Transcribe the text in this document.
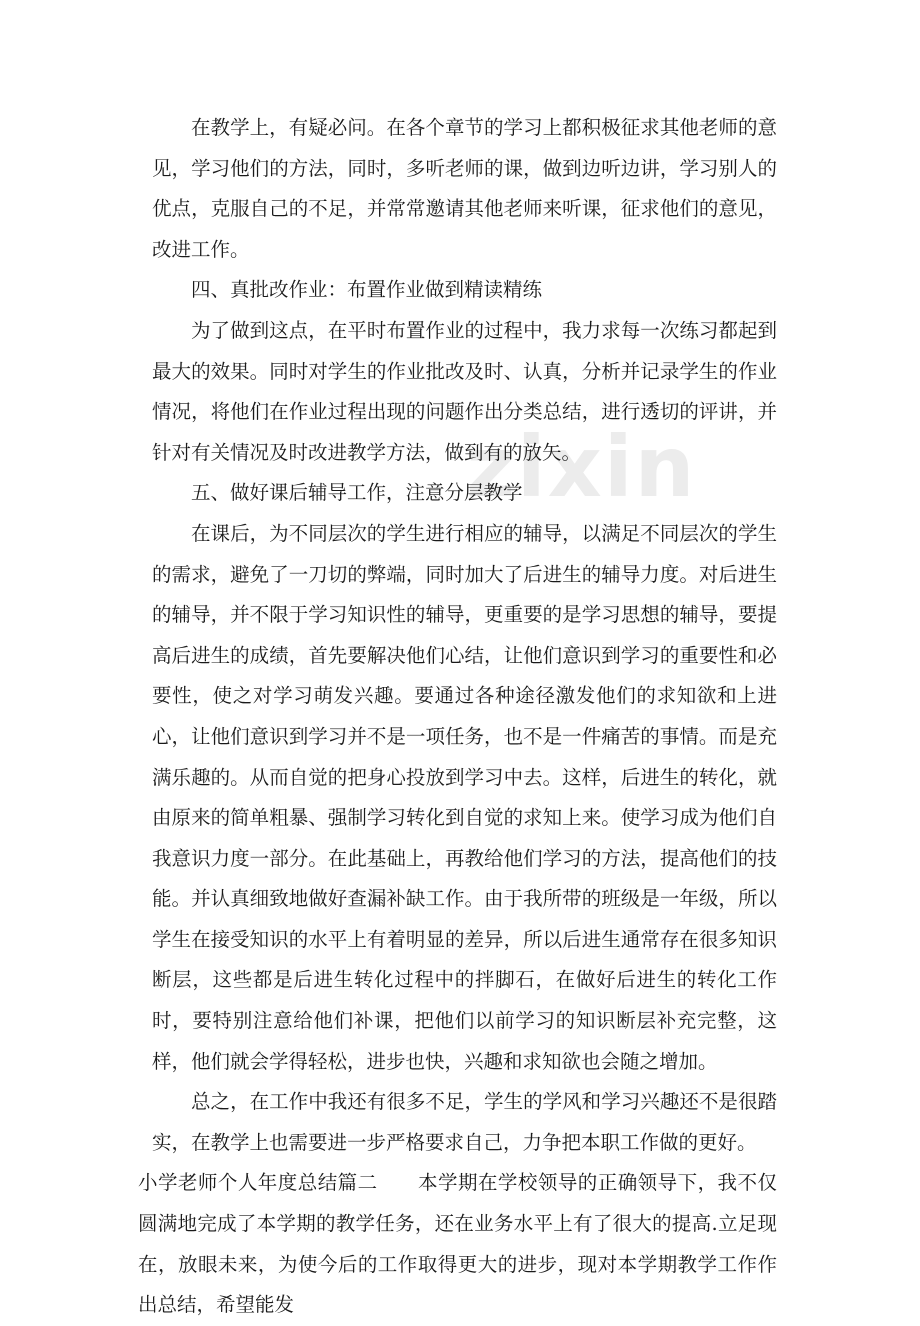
zixin

在教学上，有疑必问。在各个章节的学习上都积极征求其他老师的意见，学习他们的方法，同时，多听老师的课，做到边听边讲，学习别人的优点，克服自己的不足，并常常邀请其他老师来听课，征求他们的意见，改进工作。

四、真批改作业：布置作业做到精读精练

为了做到这点，在平时布置作业的过程中，我力求每一次练习都起到最大的效果。同时对学生的作业批改及时、认真，分析并记录学生的作业情况，将他们在作业过程出现的问题作出分类总结，进行透切的评讲，并针对有关情况及时改进教学方法，做到有的放矢。

五、做好课后辅导工作，注意分层教学

在课后，为不同层次的学生进行相应的辅导，以满足不同层次的学生的需求，避免了一刀切的弊端，同时加大了后进生的辅导力度。对后进生的辅导，并不限于学习知识性的辅导，更重要的是学习思想的辅导，要提高后进生的成绩，首先要解决他们心结，让他们意识到学习的重要性和必要性，使之对学习萌发兴趣。要通过各种途径激发他们的求知欲和上进心，让他们意识到学习并不是一项任务，也不是一件痛苦的事情。而是充满乐趣的。从而自觉的把身心投放到学习中去。这样，后进生的转化，就由原来的简单粗暴、强制学习转化到自觉的求知上来。使学习成为他们自我意识力度一部分。在此基础上，再教给他们学习的方法，提高他们的技能。并认真细致地做好查漏补缺工作。由于我所带的班级是一年级，所以学生在接受知识的水平上有着明显的差异，所以后进生通常存在很多知识断层，这些都是后进生转化过程中的拌脚石，在做好后进生的转化工作时，要特别注意给他们补课，把他们以前学习的知识断层补充完整，这样，他们就会学得轻松，进步也快，兴趣和求知欲也会随之增加。

总之，在工作中我还有很多不足，学生的学风和学习兴趣还不是很踏实，在教学上也需要进一步严格要求自己，力争把本职工作做的更好。

小学老师个人年度总结篇二 本学期在学校领导的正确领导下，我不仅圆满地完成了本学期的教学任务，还在业务水平上有了很大的提高.立足现在，放眼未来，为使今后的工作取得更大的进步，现对本学期教学工作作出总结，希望能发
